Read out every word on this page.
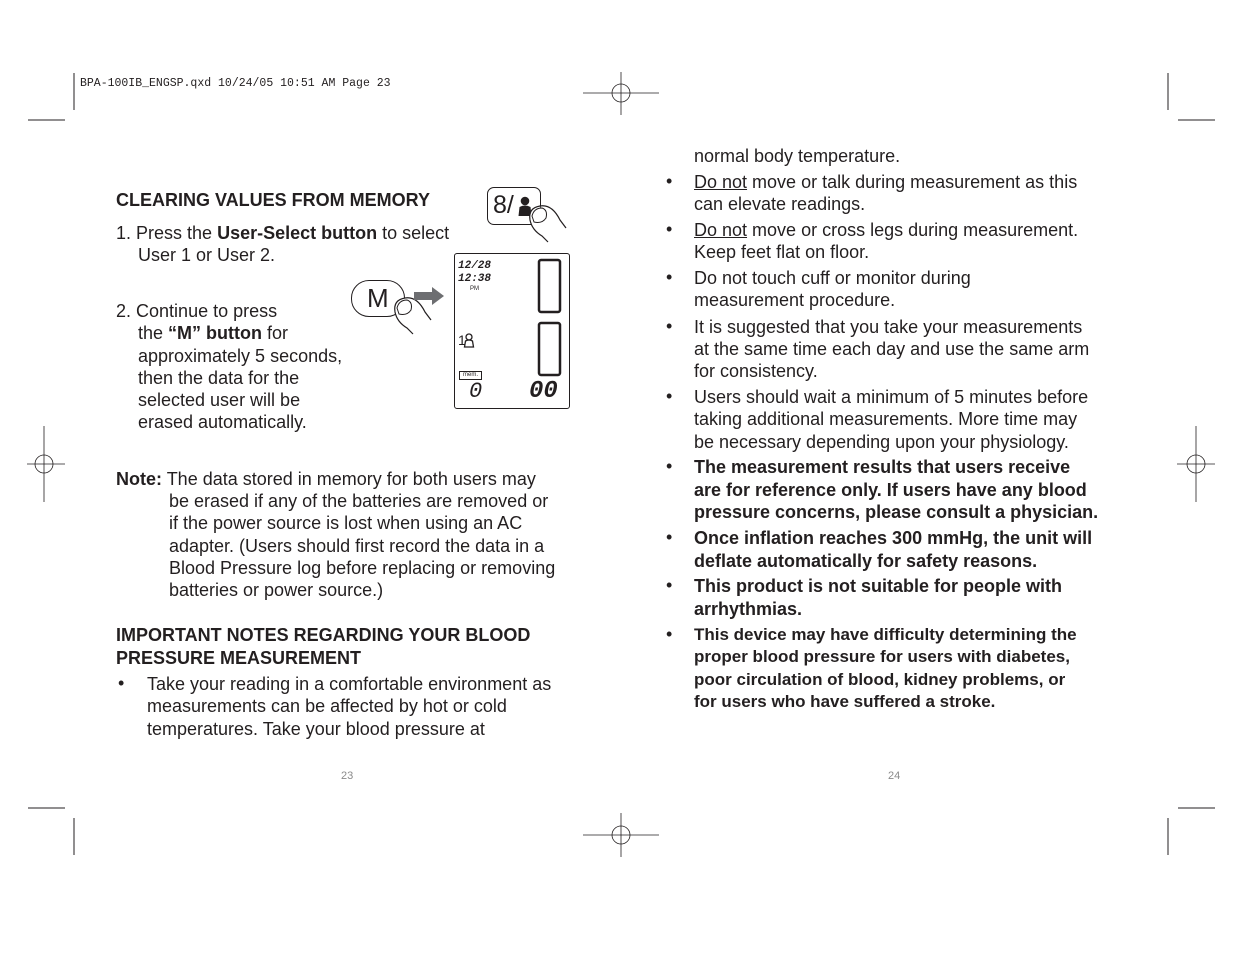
BPA-100IB_ENGSP.qxd 10/24/05 10:51 AM Page 23
CLEARING VALUES FROM MEMORY
1. Press the User-Select button to select
User 1 or User 2.
2. Continue to press
the “M” button for
approximately 5 seconds,
then the data for the
selected user will be
erased automatically.
Note: The data stored in memory for both users may
be erased if any of the batteries are removed or
if the power source is lost when using an AC
adapter. (Users should first record the data in a
Blood Pressure log before replacing or removing
batteries or power source.)
IMPORTANT NOTES REGARDING YOUR BLOOD
PRESSURE MEASUREMENT
• Take your reading in a comfortable environment as
measurements can be affected by hot or cold
temperatures. Take your blood pressure at
23
8/
M
12/28
12:38
PM
1
mem.
0 00
normal body temperature.
• Do not move or talk during measurement as this
can elevate readings.
• Do not move or cross legs during measurement.
Keep feet flat on floor.
• Do not touch cuff or monitor during
measurement procedure.
• It is suggested that you take your measurements
at the same time each day and use the same arm
for consistency.
• Users should wait a minimum of 5 minutes before
taking additional measurements. More time may
be necessary depending upon your physiology.
• The measurement results that users receive
are for reference only. If users have any blood
pressure concerns, please consult a physician.
• Once inflation reaches 300 mmHg, the unit will
deflate automatically for safety reasons.
• This product is not suitable for people with
arrhythmias.
• This device may have difficulty determining the
proper blood pressure for users with diabetes,
poor circulation of blood, kidney problems, or
for users who have suffered a stroke.
24
